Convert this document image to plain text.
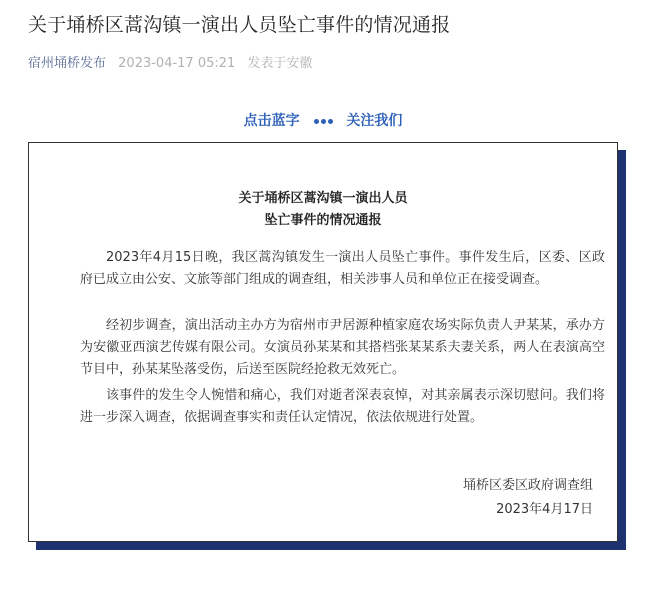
关于埇桥区蒿沟镇一演出人员坠亡事件的情况通报
宿州埇桥发布 2023-04-17 05:21 发表于安徽
点击蓝字	关注我们
关于埇桥区蒿沟镇一演出人员
坠亡事件的情况通报

2023年4月15日晚，我区蒿沟镇发生一演出人员坠亡事件。事件发生后，区委、区政府已成立由公安、文旅等部门组成的调查组，相关涉事人员和单位正在接受调查。

经初步调查，演出活动主办方为宿州市尹居源种植家庭农场实际负责人尹某某，承办方为安徽亚西演艺传媒有限公司。女演员孙某某和其搭档张某某系夫妻关系，两人在表演高空节目中，孙某某坠落受伤，后送至医院经抢救无效死亡。

该事件的发生令人惋惜和痛心，我们对逝者深表哀悼，对其亲属表示深切慰问。我们将进一步深入调查，依据调查事实和责任认定情况，依法依规进行处置。

埇桥区委区政府调查组
2023年4月17日
